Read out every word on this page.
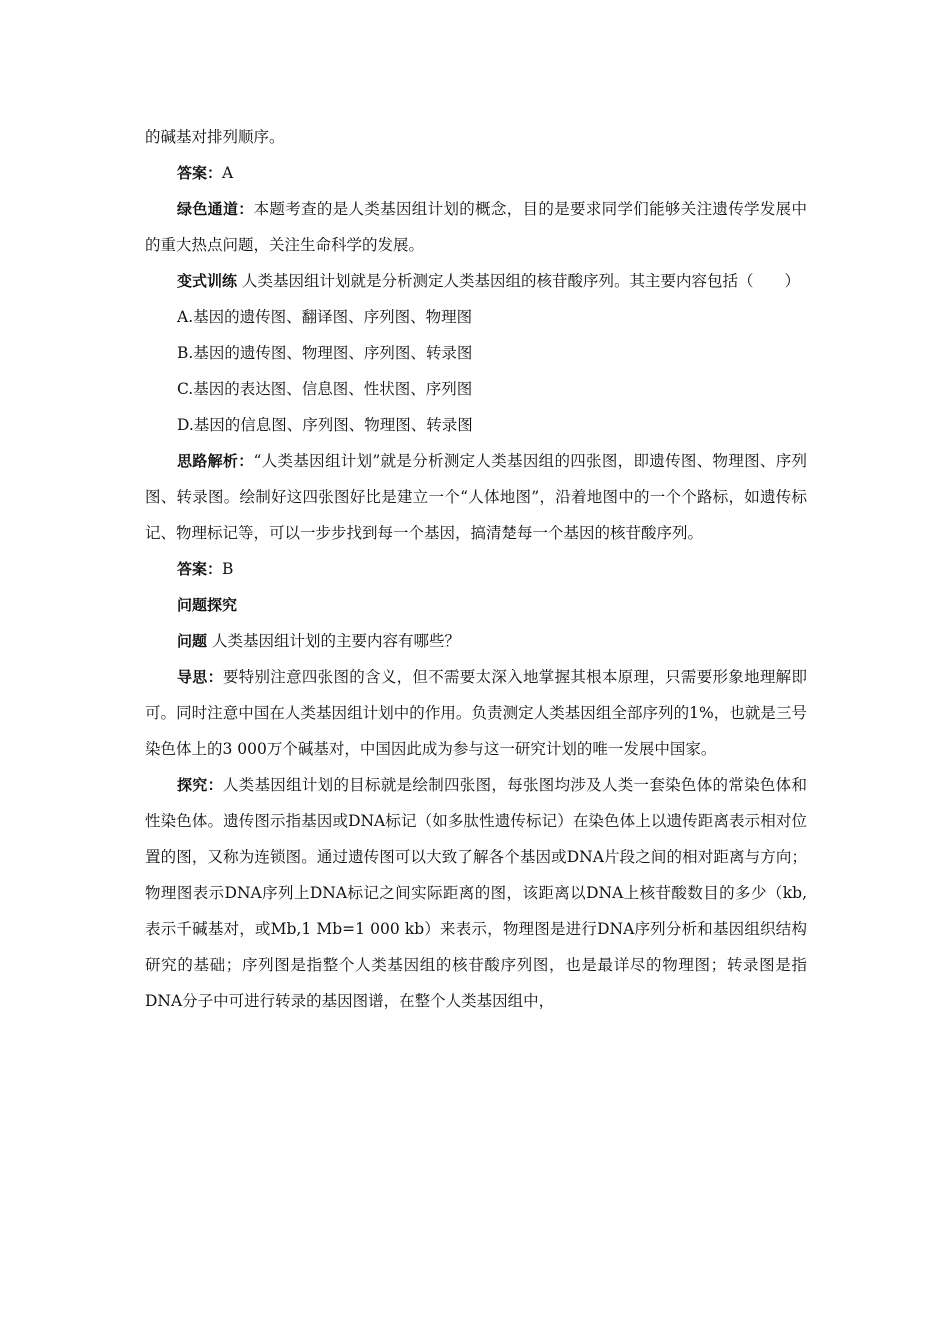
的碱基对排列顺序。

答案：A

绿色通道：本题考查的是人类基因组计划的概念，目的是要求同学们能够关注遗传学发展中的重大热点问题，关注生命科学的发展。

变式训练 人类基因组计划就是分析测定人类基因组的核苷酸序列。其主要内容包括（　　）

A.基因的遗传图、翻译图、序列图、物理图

B.基因的遗传图、物理图、序列图、转录图

C.基因的表达图、信息图、性状图、序列图

D.基因的信息图、序列图、物理图、转录图

思路解析：“人类基因组计划”就是分析测定人类基因组的四张图，即遗传图、物理图、序列图、转录图。绘制好这四张图好比是建立一个“人体地图”，沿着地图中的一个个路标，如遗传标记、物理标记等，可以一步步找到每一个基因，搞清楚每一个基因的核苷酸序列。

答案：B

问题探究

问题 人类基因组计划的主要内容有哪些？

导思：要特别注意四张图的含义，但不需要太深入地掌握其根本原理，只需要形象地理解即可。同时注意中国在人类基因组计划中的作用。负责测定人类基因组全部序列的1%，也就是三号染色体上的3 000万个碱基对，中国因此成为参与这一研究计划的唯一发展中国家。

探究：人类基因组计划的目标就是绘制四张图，每张图均涉及人类一套染色体的常染色体和性染色体。遗传图示指基因或DNA标记（如多肽性遗传标记）在染色体上以遗传距离表示相对位置的图，又称为连锁图。通过遗传图可以大致了解各个基因或DNA片段之间的相对距离与方向；物理图表示DNA序列上DNA标记之间实际距离的图，该距离以DNA上核苷酸数目的多少（kb,表示千碱基对，或Mb,1 Mb=1 000 kb）来表示，物理图是进行DNA序列分析和基因组织结构研究的基础；序列图是指整个人类基因组的核苷酸序列图，也是最详尽的物理图；转录图是指DNA分子中可进行转录的基因图谱，在整个人类基因组中，
